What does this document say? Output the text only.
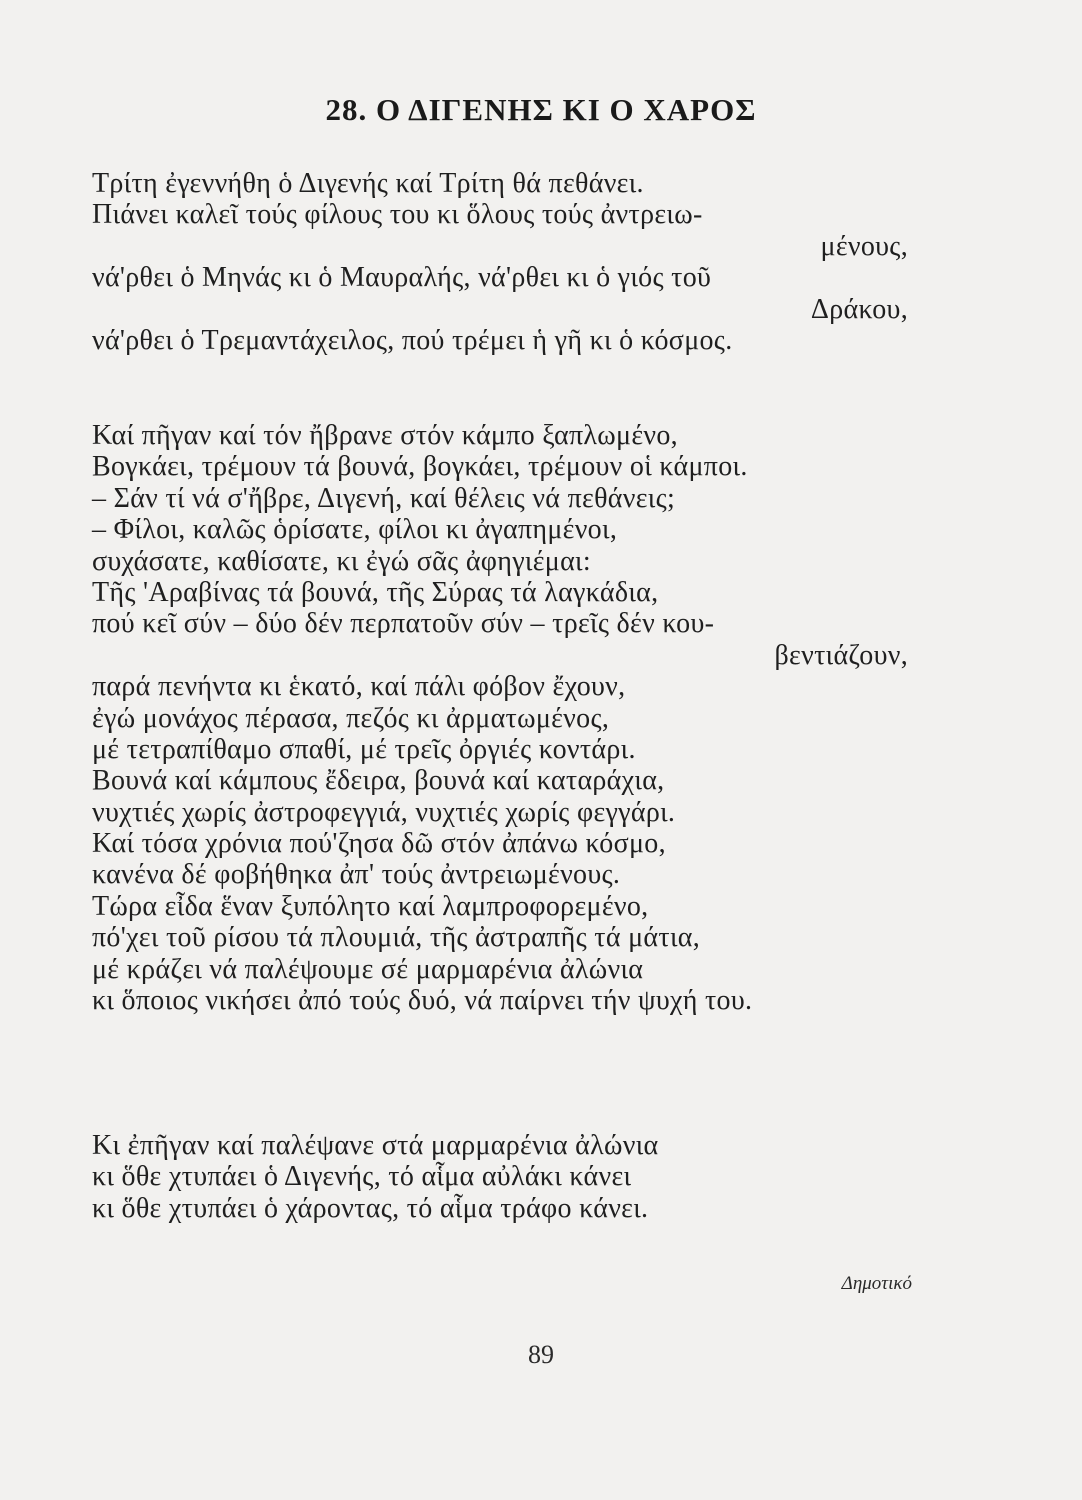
28. Ο ΔΙΓΕΝΗΣ ΚΙ Ο ΧΑΡΟΣ
Τρίτη ἐγεννήθη ὁ Διγενής καί Τρίτη θά πεθάνει.
Πιάνει καλεῖ τούς φίλους του κι ὅλους τούς ἀντρειω-
μένους,
νά'ρθει ὁ Μηνάς κι ὁ Μαυραλής, νά'ρθει κι ὁ γιός τοῦ
Δράκου,
νά'ρθει ὁ Τρεμαντάχειλος, πού τρέμει ἡ γῆ κι ὁ κόσμος.
Καί πῆγαν καί τόν ἤβρανε στόν κάμπο ξαπλωμένο,
Βογκάει, τρέμουν τά βουνά, βογκάει, τρέμουν οἱ κάμποι.
– Σάν τί νά σ'ἤβρε, Διγενή, καί θέλεις νά πεθάνεις;
– Φίλοι, καλῶς ὁρίσατε, φίλοι κι ἀγαπημένοι,
συχάσατε, καθίσατε, κι ἐγώ σᾶς ἀφηγιέμαι:
Τῆς 'Αραβίνας τά βουνά, τῆς Σύρας τά λαγκάδια,
πού κεῖ σύν – δύο δέν περπατοῦν σύν – τρεῖς δέν κου-
βεντιάζουν,
παρά πενήντα κι ἑκατό, καί πάλι φόβον ἔχουν,
ἐγώ μονάχος πέρασα, πεζός κι ἀρματωμένος,
μέ τετραπίθαμο σπαθί, μέ τρεῖς ὀργιές κοντάρι.
Βουνά καί κάμπους ἔδειρα, βουνά καί καταράχια,
νυχτιές χωρίς ἀστροφεγγιά, νυχτιές χωρίς φεγγάρι.
Καί τόσα χρόνια πού'ζησα δῶ στόν ἀπάνω κόσμο,
κανένα δέ φοβήθηκα ἀπ' τούς ἀντρειωμένους.
Τώρα εἶδα ἕναν ξυπόλητο καί λαμπροφορεμένο,
πό'χει τοῦ ρίσου τά πλουμιά, τῆς ἀστραπῆς τά μάτια,
μέ κράζει νά παλέψουμε σέ μαρμαρένια ἀλώνια
κι ὅποιος νικήσει ἀπό τούς δυό, νά παίρνει τήν ψυχή του.
Κι ἐπῆγαν καί παλέψανε στά μαρμαρένια ἀλώνια
κι ὅθε χτυπάει ὁ Διγενής, τό αἷμα αὐλάκι κάνει
κι ὅθε χτυπάει ὁ χάροντας, τό αἷμα τράφο κάνει.
Δημοτικό
89
